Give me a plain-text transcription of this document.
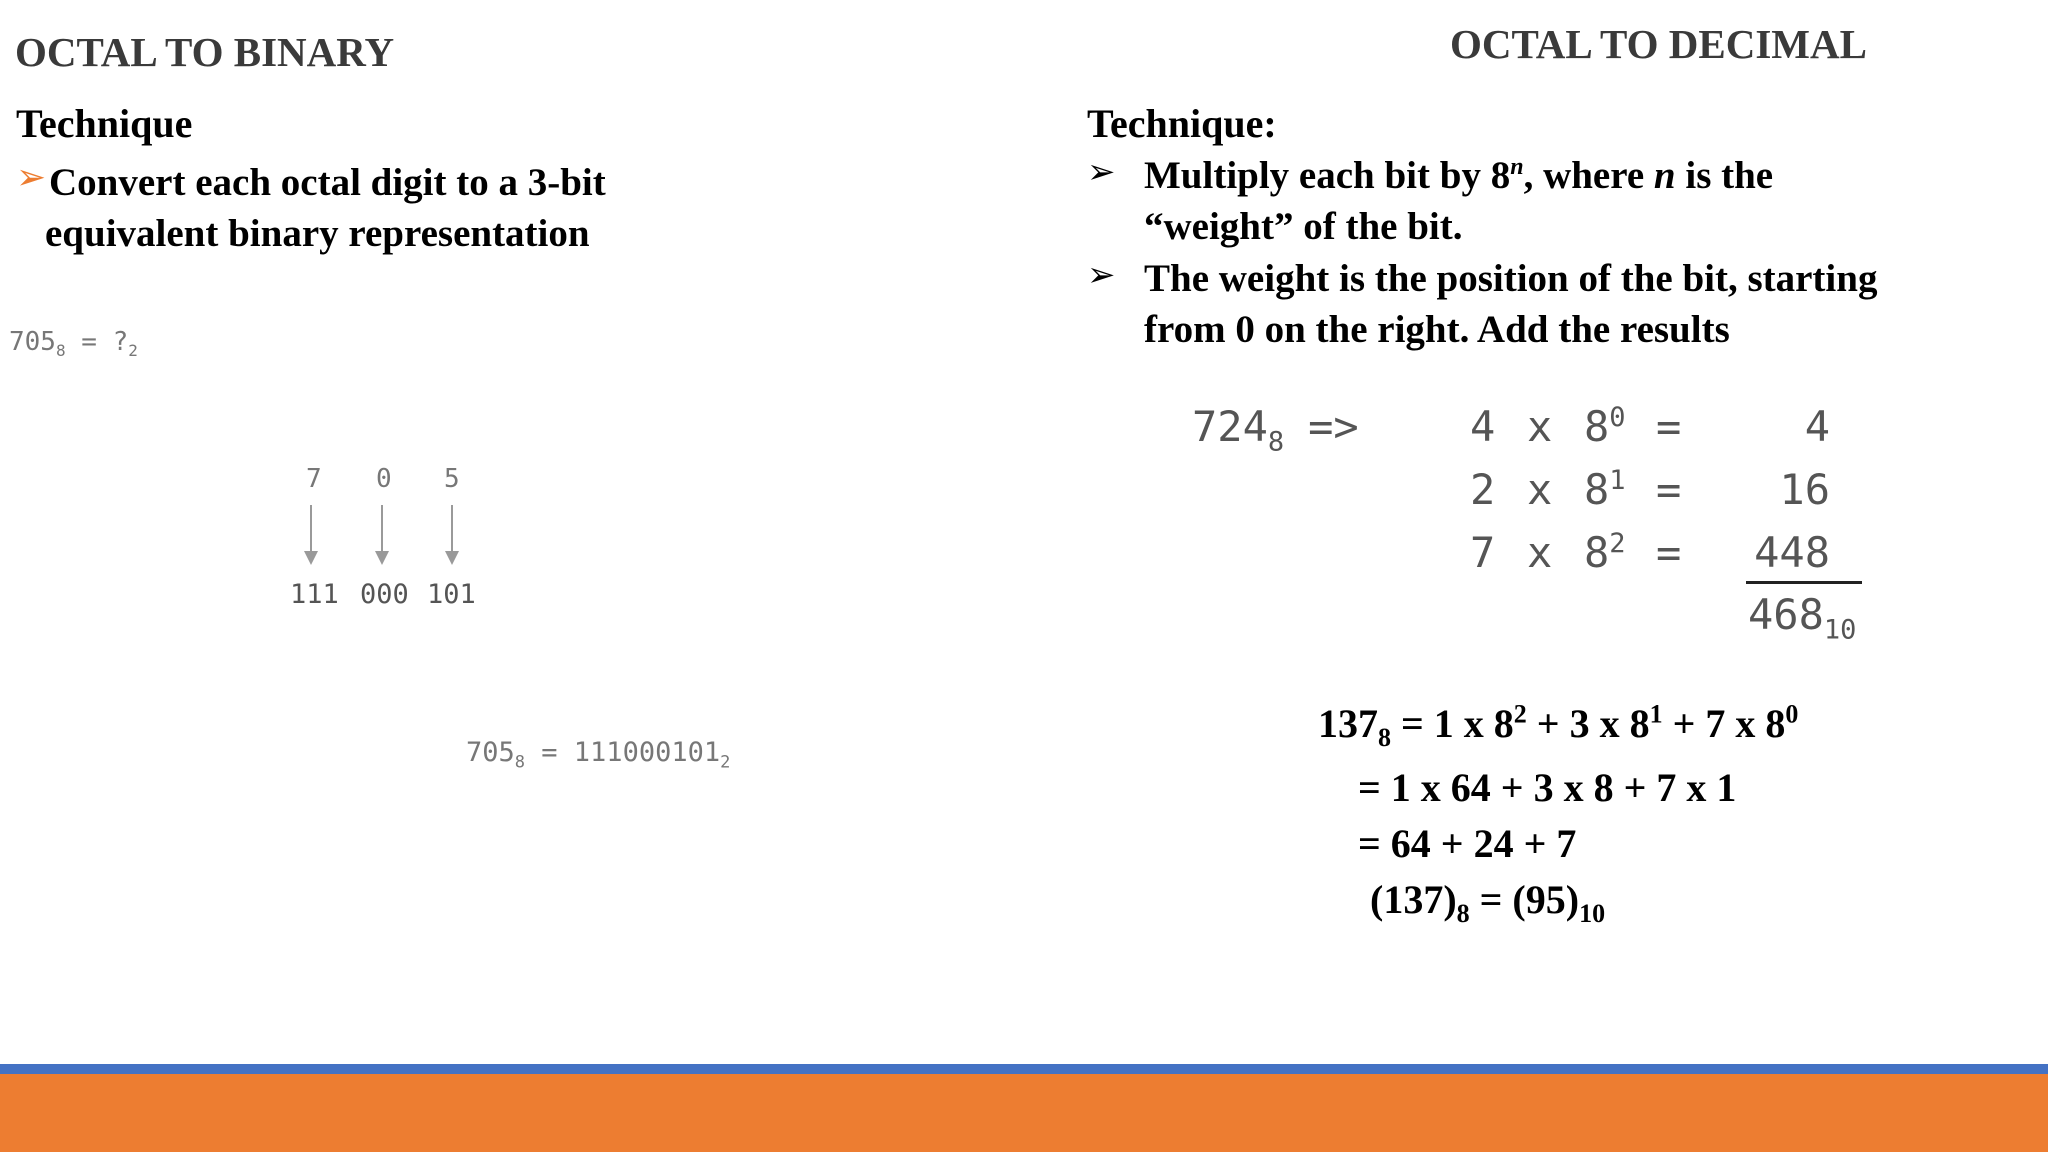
OCTAL TO BINARY
Technique
➢ Convert each octal digit to a 3-bit
equivalent binary representation
$705_8$ = $?_2$
7 0 5
111 000 101
$705_8 = 111000101_2$
OCTAL TO DECIMAL
Technique:
➢ Multiply each bit by 8$^n$, where n is the
“weight” of the bit.
➢ The weight is the position of the bit, starting
from 0 on the right. Add the results
$724_8$ =>	4 x $8^0$ =	4
2 x $8^1$ =	16
7 x $8^2$ =	448
$468_{10}$
$137_8 = 1$ x $8^2 + 3$ x $8^1 + 7$ x $8^0$
= 1 x 64 + 3 x 8 + 7 x 1
= 64 + 24 + 7
$(137)_8 = (95)_{10}$
